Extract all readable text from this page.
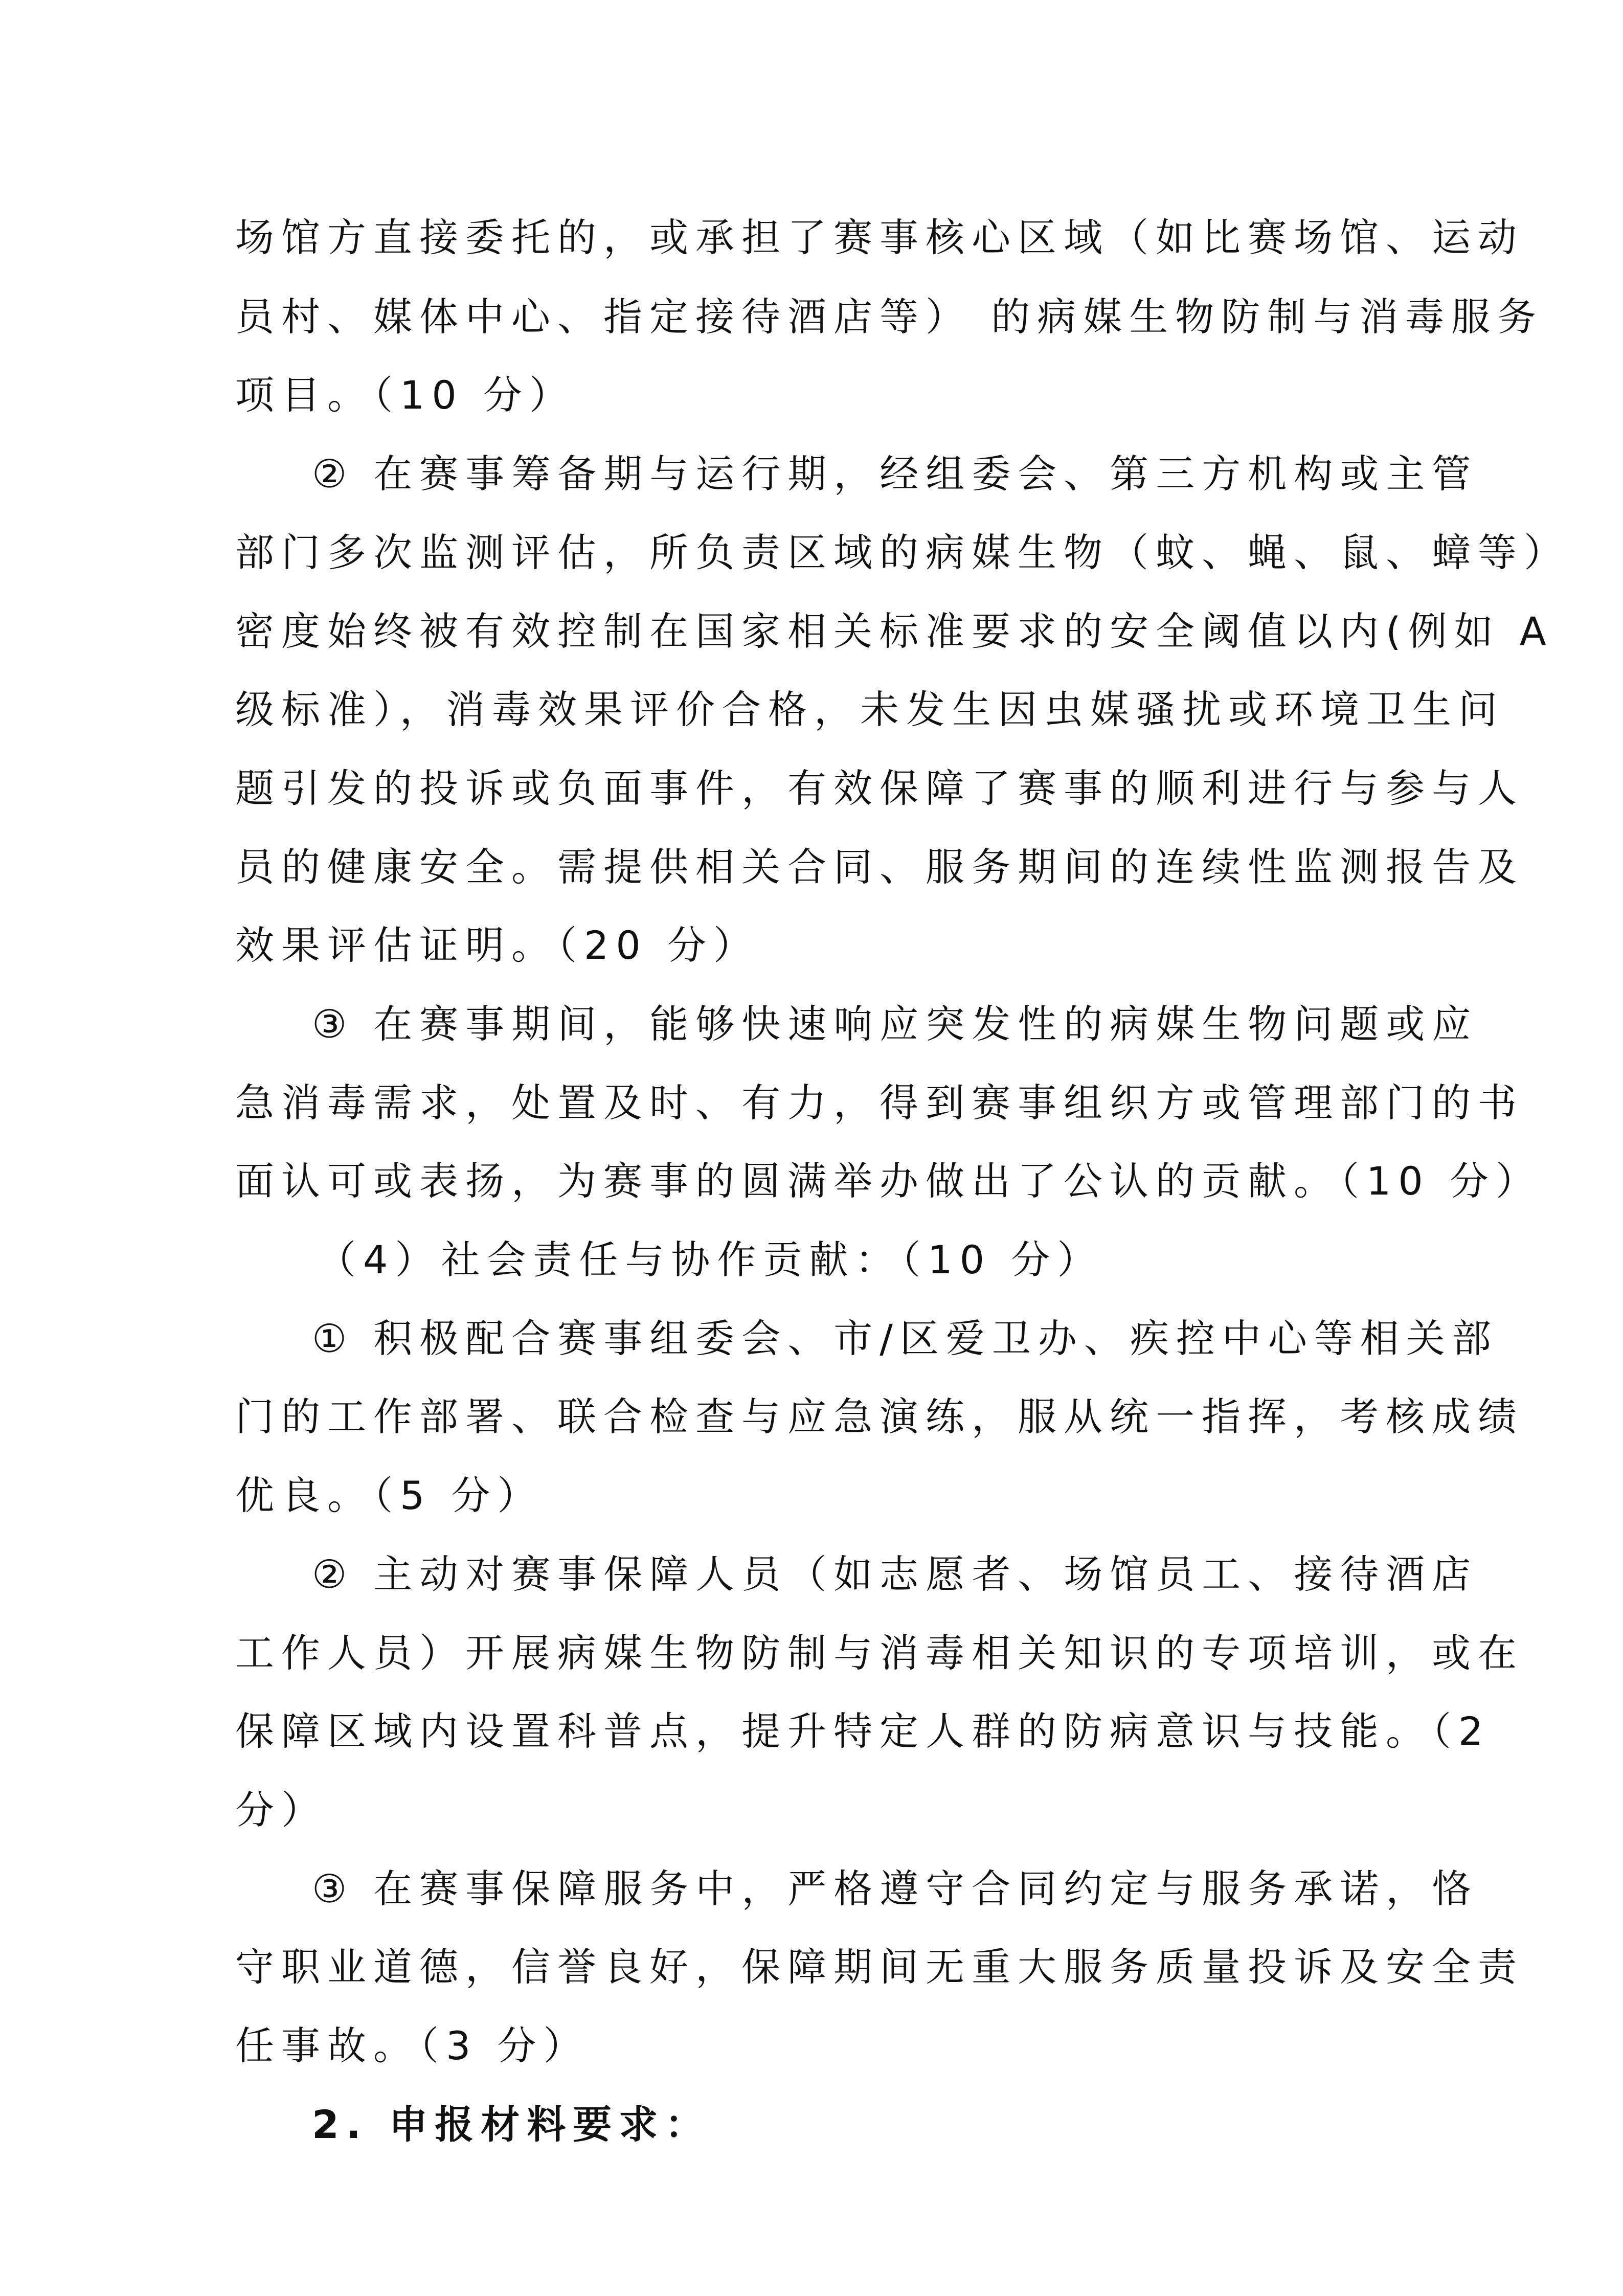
场馆方直接委托的，或承担了赛事核心区域（如比赛场馆、运动
员村、媒体中心、指定接待酒店等） 的病媒生物防制与消毒服务
项目。（10 分）
② 在赛事筹备期与运行期，经组委会、第三方机构或主管
部门多次监测评估，所负责区域的病媒生物（蚊、蝇、鼠、蟑等）
密度始终被有效控制在国家相关标准要求的安全阈值以内(例如 A
级标准），消毒效果评价合格，未发生因虫媒骚扰或环境卫生问
题引发的投诉或负面事件，有效保障了赛事的顺利进行与参与人
员的健康安全。需提供相关合同、服务期间的连续性监测报告及
效果评估证明。（20 分）
③ 在赛事期间，能够快速响应突发性的病媒生物问题或应
急消毒需求，处置及时、有力，得到赛事组织方或管理部门的书
面认可或表扬，为赛事的圆满举办做出了公认的贡献。（10 分）
（4）社会责任与协作贡献：（10 分）
① 积极配合赛事组委会、市/区爱卫办、疾控中心等相关部
门的工作部署、联合检查与应急演练，服从统一指挥，考核成绩
优良。（5 分）
② 主动对赛事保障人员（如志愿者、场馆员工、接待酒店
工作人员）开展病媒生物防制与消毒相关知识的专项培训，或在
保障区域内设置科普点，提升特定人群的防病意识与技能。（2
分）
③ 在赛事保障服务中，严格遵守合同约定与服务承诺，恪
守职业道德，信誉良好，保障期间无重大服务质量投诉及安全责
任事故。（3 分）
2. 申报材料要求：
